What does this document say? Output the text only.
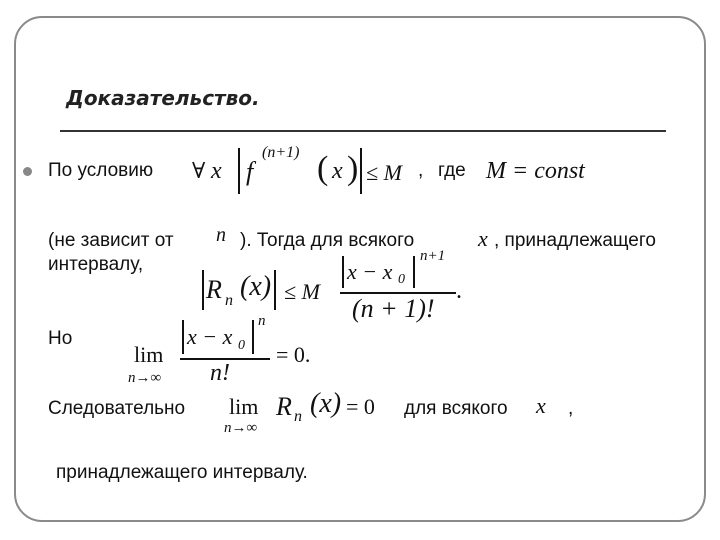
Доказательство.
По условию ∀ x f
(n+1) ( x ) ≤ M , где M = const
(не зависит от n ). Тогда для всякого	x , принадлежащего
интервалу,
R n (x) ≤ M
x − x 0
n+1
(n + 1)!
.
Но
lim
n→∞
x − x 0
n
n!
= 0.
Следовательно lim
n→∞
R n (x) = 0 для всякого x ,
принадлежащего интервалу.
